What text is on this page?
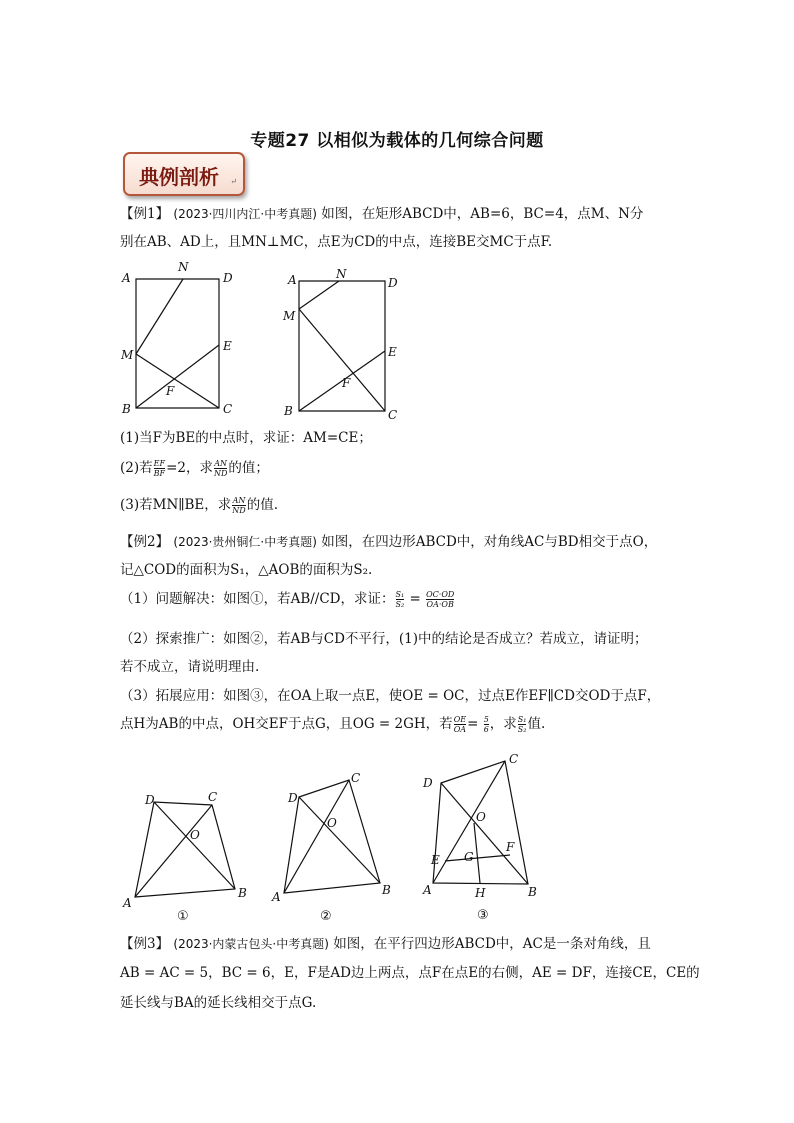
专题27 以相似为载体的几何综合问题
典例剖析 ↵
【例1】 (2023·四川内江·中考真题) 如图，在矩形ABCD中，AB=6，BC=4，点M、N分
别在AB、AD上，且MN⊥MC，点E为CD的中点，连接BE交MC于点F.
A
N
D
M
E
F
B	C
A	N
D
M
E
F
B	C
(1)当F为BE的中点时，求证：AM=CE；
(2)若 $\frac{EF}{BF} =2$，求 $\frac{AN}{ND}$ 的值；
(3)若MN∥BE，求 $\frac{AN}{ND}$ 的值.
【例2】 (2023·贵州铜仁·中考真题) 如图，在四边形ABCD中，对角线AC与BD相交于点O，
记△COD的面积为S₁，△AOB的面积为S₂.
（1）问题解决：如图①，若AB//CD，求证： $\frac{\text{S₁}}{\text{S₂}} = \frac{OC\cdot OD}{OA\cdot OB}$
（2）探索推广：如图②，若AB与CD不平行，(1)中的结论是否成立？若成立，请证明；
若不成立，请说明理由.
（3）拓展应用：如图③，在OA上取一点E，使OE = OC，过点E作EF∥CD交OD于点F，
点H为AB的中点，OH交EF于点G，且OG = 2GH，若 $\frac{OE}{OA} = \frac{5}{6}$ ，求 $\frac{\text{S₁}}{\text{S₂}}$ 值.
A
B
C
D
O
①
A	B
C
D
O
②
A	B
C
D
O
E
F
G
H
③
【例3】 (2023·内蒙古包头·中考真题) 如图，在平行四边形ABCD中，AC是一条对角线，且
AB = AC = 5，BC = 6，E，F是AD边上两点，点F在点E的右侧，AE = DF，连接CE，CE的
延长线与BA的延长线相交于点G.
